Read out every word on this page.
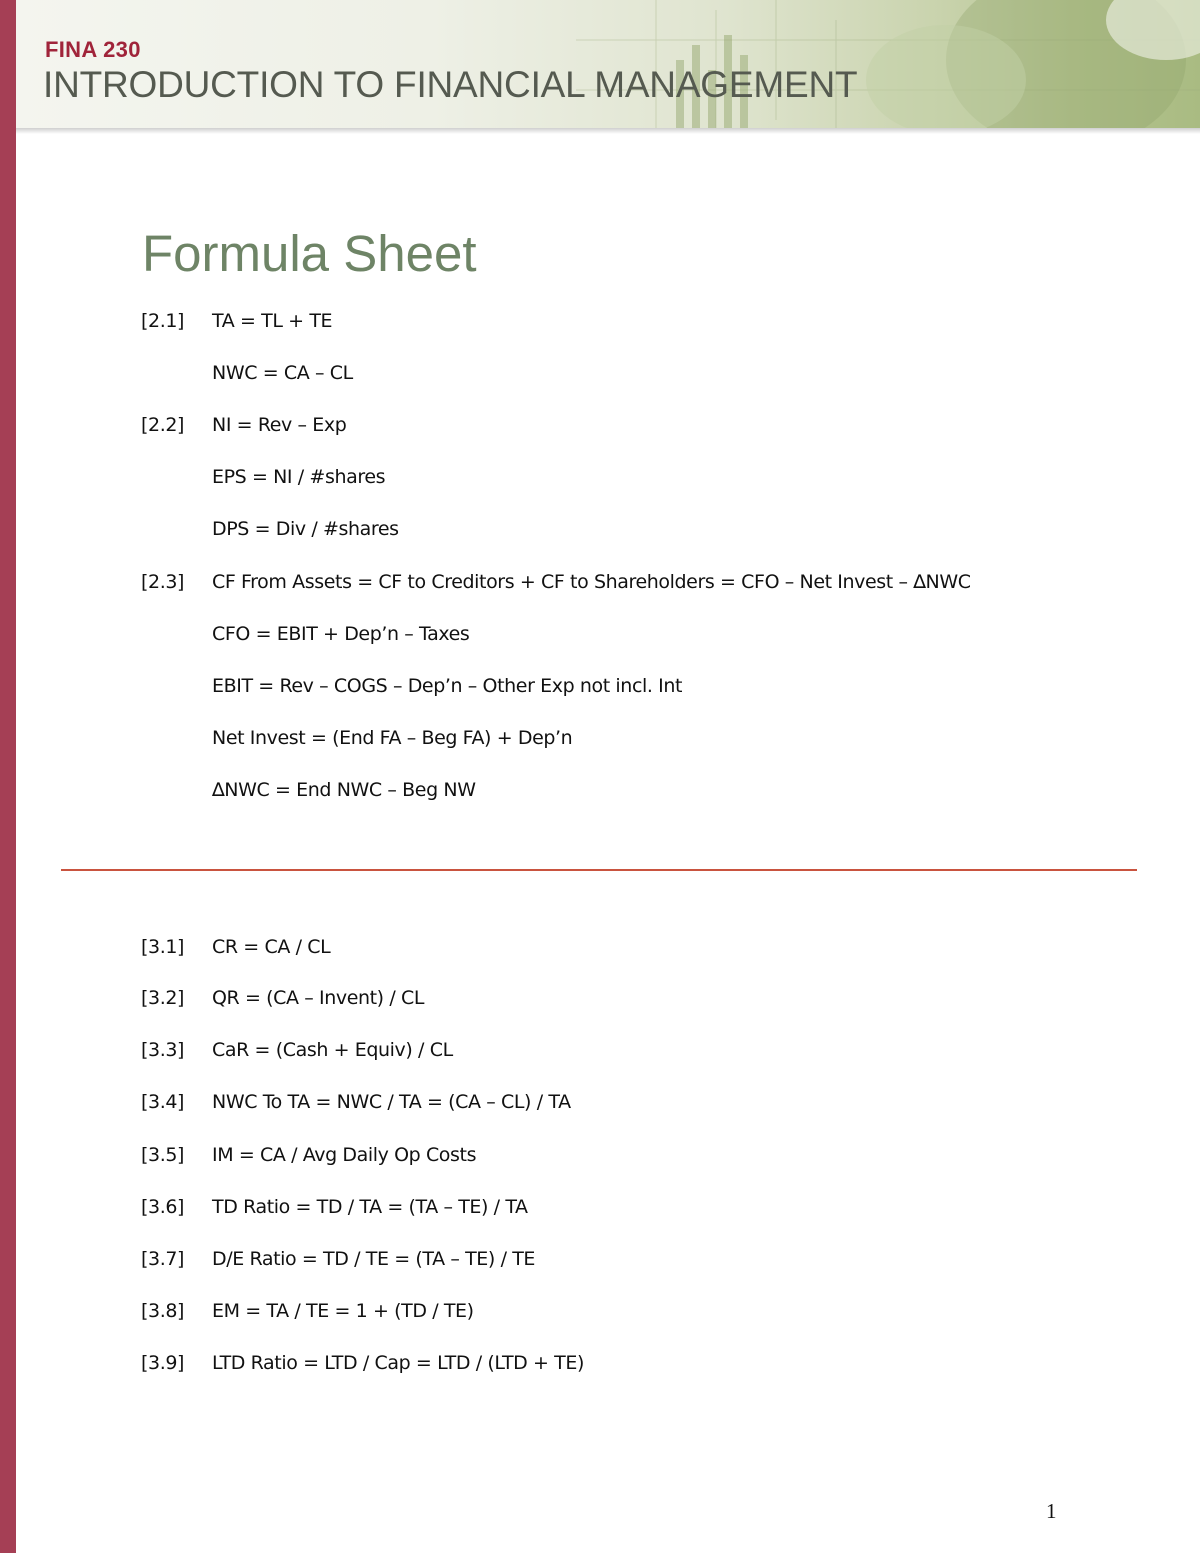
FINA 230
INTRODUCTION TO FINANCIAL MANAGEMENT
Formula Sheet
[2.1] TA = TL + TE
NWC = CA – CL
[2.2] NI = Rev – Exp
EPS = NI / #shares
DPS = Div / #shares
[2.3] CF From Assets = CF to Creditors + CF to Shareholders = CFO – Net Invest – ∆NWC
CFO = EBIT + Dep’n – Taxes
EBIT = Rev – COGS – Dep’n – Other Exp not incl. Int
Net Invest = (End FA – Beg FA) + Dep’n
∆NWC = End NWC – Beg NW
[3.1] CR = CA / CL
[3.2] QR = (CA – Invent) / CL
[3.3] CaR = (Cash + Equiv) / CL
[3.4] NWC To TA = NWC / TA = (CA – CL) / TA
[3.5] IM = CA / Avg Daily Op Costs
[3.6] TD Ratio = TD / TA = (TA – TE) / TA
[3.7] D/E Ratio = TD / TE = (TA – TE) / TE
[3.8] EM = TA / TE = 1 + (TD / TE)
[3.9] LTD Ratio = LTD / Cap = LTD / (LTD + TE)
1
